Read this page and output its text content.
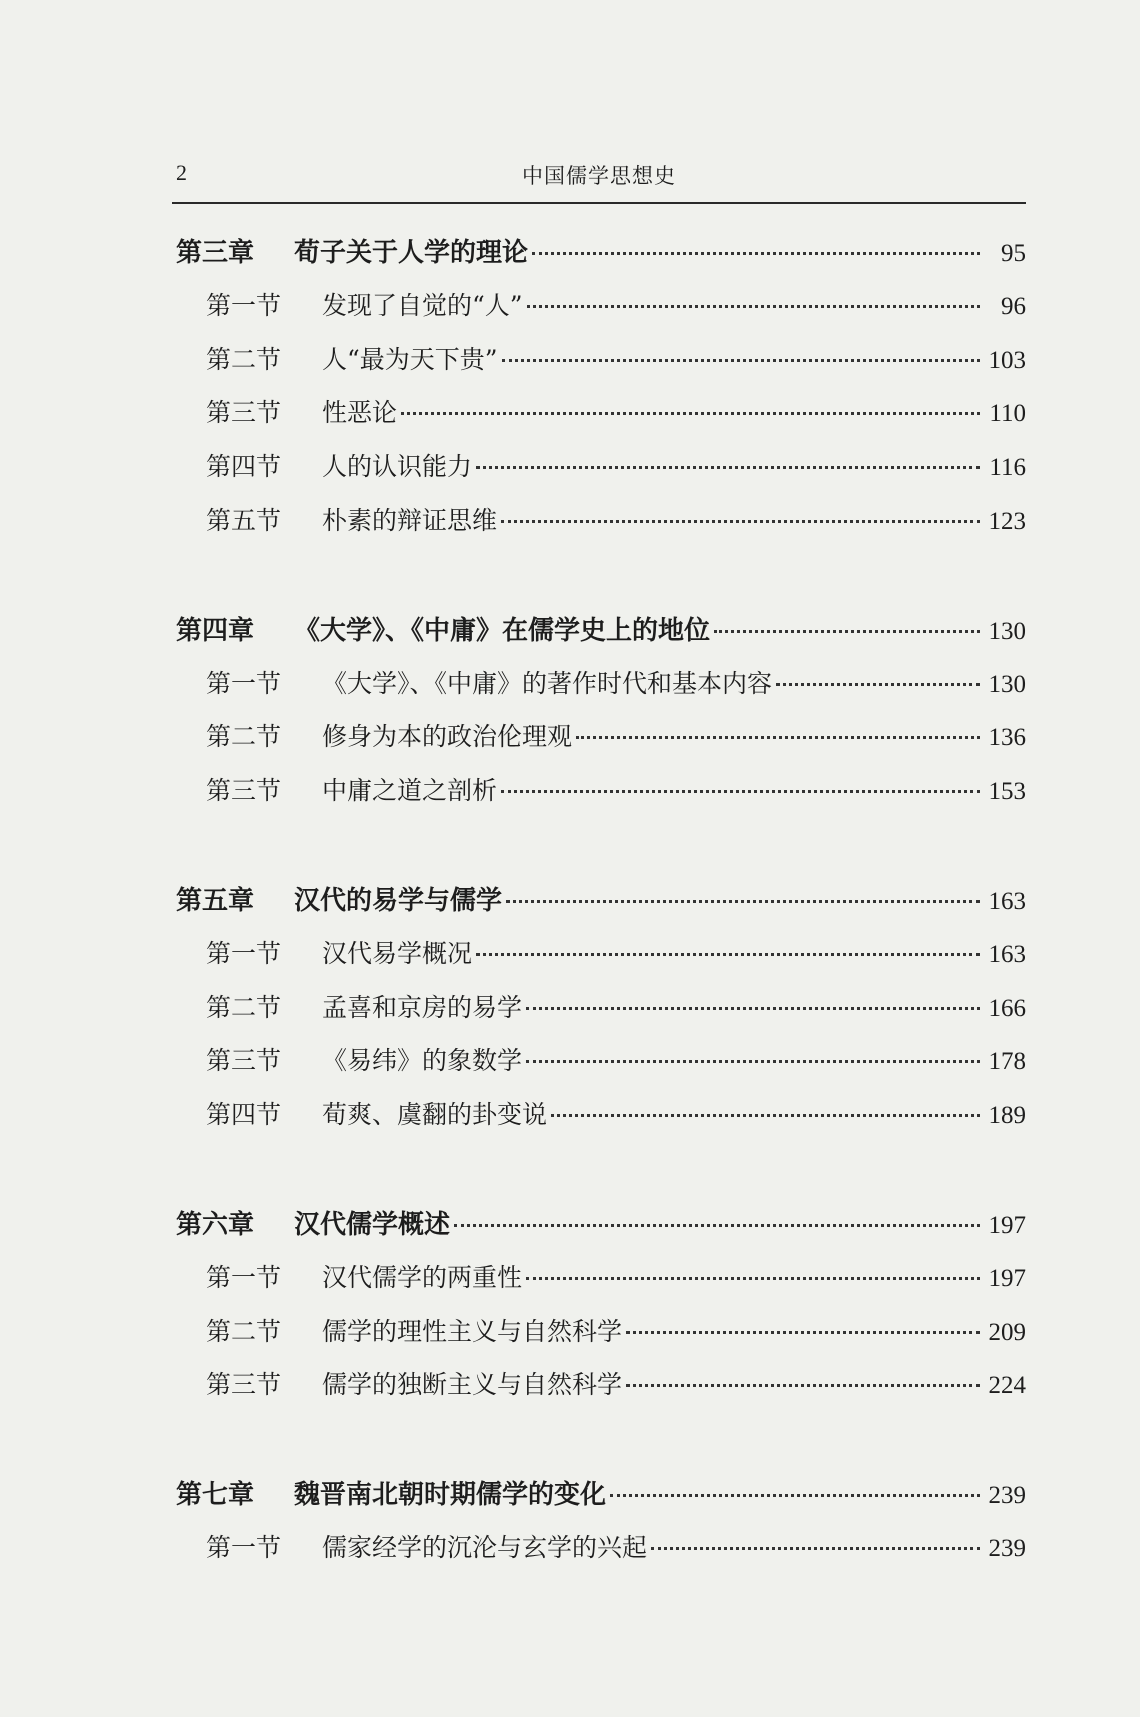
2	中国儒学思想史
第三章	荀子关于人学的理论	95
第一节	发现了自觉的“人”	96
第二节	人“最为天下贵”	103
第三节	性恶论	110
第四节	人的认识能力	116
第五节	朴素的辩证思维	123
第四章	《大学》、《中庸》在儒学史上的地位	130
第一节	《大学》、《中庸》的著作时代和基本内容	130
第二节	修身为本的政治伦理观	136
第三节	中庸之道之剖析	153
第五章	汉代的易学与儒学	163
第一节	汉代易学概况	163
第二节	孟喜和京房的易学	166
第三节	《易纬》的象数学	178
第四节	荀爽、虞翻的卦变说	189
第六章	汉代儒学概述	197
第一节	汉代儒学的两重性	197
第二节	儒学的理性主义与自然科学	209
第三节	儒学的独断主义与自然科学	224
第七章	魏晋南北朝时期儒学的变化	239
第一节	儒家经学的沉沦与玄学的兴起	239
